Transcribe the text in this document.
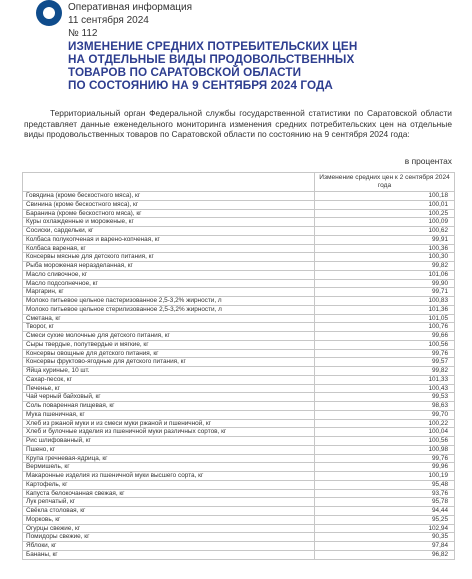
Оперативная информация
11 сентября 2024
№ 112
ИЗМЕНЕНИЕ СРЕДНИХ ПОТРЕБИТЕЛЬСКИХ ЦЕН
НА ОТДЕЛЬНЫЕ ВИДЫ ПРОДОВОЛЬСТВЕННЫХ
ТОВАРОВ ПО САРАТОВСКОЙ ОБЛАСТИ
ПО СОСТОЯНИЮ НА 9 СЕНТЯБРЯ 2024 ГОДА
Территориальный орган Федеральной службы государственной статистики по Саратовской области представляет данные еженедельного мониторинга изменения средних потребительских цен на отдельные виды продовольственных товаров по Саратовской области по состоянию на 9 сентября 2024 года:
в процентах
	Изменение средних цен к 2 сентября 2024 года
Говядина (кроме бескостного мяса), кг	100,18
Свинина (кроме бескостного мяса), кг	100,01
Баранина (кроме бескостного мяса), кг	100,25
Куры охлажденные и мороженые, кг	100,09
Сосиски, сардельки, кг	100,62
Колбаса полукопченая и варено-копченая, кг	99,91
Колбаса вареная, кг	100,36
Консервы мясные для детского питания, кг	100,30
Рыба мороженая неразделанная, кг	99,82
Масло сливочное, кг	101,06
Масло подсолнечное, кг	99,90
Маргарин, кг	99,71
Молоко питьевое цельное пастеризованное 2,5-3,2% жирности, л	100,83
Молоко питьевое цельное стерилизованное 2,5-3,2% жирности, л	101,36
Сметана, кг	101,05
Творог, кг	100,76
Смеси сухие молочные для детского питания, кг	99,66
Сыры твердые, полутвердые и мягкие, кг	100,56
Консервы овощные для детского питания, кг	99,76
Консервы фруктово-ягодные для детского питания, кг	99,57
Яйца куриные, 10 шт.	99,82
Сахар-песок, кг	101,33
Печенье, кг	100,43
Чай черный байховый, кг	99,53
Соль поваренная пищевая, кг	98,63
Мука пшеничная, кг	99,70
Хлеб из ржаной муки и из смеси муки ржаной и пшеничной, кг	100,22
Хлеб и булочные изделия из пшеничной муки различных сортов, кг	100,04
Рис шлифованный, кг	100,56
Пшено, кг	100,98
Крупа гречневая-ядрица, кг	99,76
Вермишель, кг	99,96
Макаронные изделия из пшеничной муки высшего сорта, кг	100,19
Картофель, кг	95,48
Капуста белокочанная свежая, кг	93,76
Лук репчатый, кг	95,78
Свёкла столовая, кг	94,44
Морковь, кг	95,25
Огурцы свежие, кг	102,94
Помидоры свежие, кг	90,35
Яблоки, кг	97,84
Бананы, кг	96,82
